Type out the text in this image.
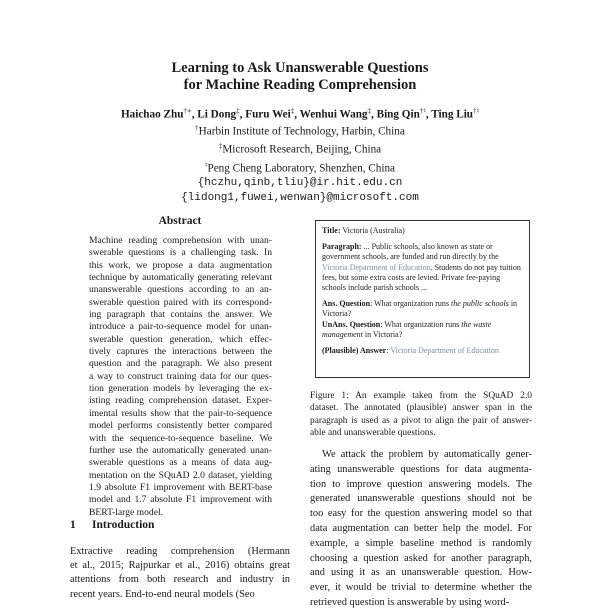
Learning to Ask Unanswerable Questions
for Machine Reading Comprehension
Haichao Zhu†∗, Li Dong‡, Furu Wei‡, Wenhui Wang‡, Bing Qin†♮, Ting Liu†♮
†Harbin Institute of Technology, Harbin, China
‡Microsoft Research, Beijing, China
♮Peng Cheng Laboratory, Shenzhen, China
{hczhu,qinb,tliu}@ir.hit.edu.cn
{lidong1,fuwei,wenwan}@microsoft.com
Abstract
Machine reading comprehension with unan-
swerable questions is a challenging task. In
this work, we propose a data augmentation
technique by automatically generating relevant
unanswerable questions according to an an-
swerable question paired with its correspond-
ing paragraph that contains the answer. We
introduce a pair-to-sequence model for unan-
swerable question generation, which effec-
tively captures the interactions between the
question and the paragraph. We also present
a way to construct training data for our ques-
tion generation models by leveraging the ex-
isting reading comprehension dataset. Exper-
imental results show that the pair-to-sequence
model performs consistently better compared
with the sequence-to-sequence baseline. We
further use the automatically generated unan-
swerable questions as a means of data aug-
mentation on the SQuAD 2.0 dataset, yielding
1.9 absolute F1 improvement with BERT-base
model and 1.7 absolute F1 improvement with
BERT-large model.
1 Introduction
Extractive reading comprehension (Hermann
et al., 2015; Rajpurkar et al., 2016) obtains great
attentions from both research and industry in
recent years. End-to-end neural models (Seo

Title: Victoria (Australia)

Paragraph: ... Public schools, also known as state or government schools, are funded and run directly by the Victoria Department of Education. Students do not pay tuition fees, but some extra costs are levied. Private fee-paying schools include parish schools ...

Ans. Question: What organization runs the public schools in Victoria?

UnAns. Question: What organization runs the waste management in Victoria?

(Plausible) Answer: Victoria Department of Education

Figure 1: An example taken from the SQuAD 2.0
dataset. The annotated (plausible) answer span in the
paragraph is used as a pivot to align the pair of answer-
able and unanswerable questions.
We attack the problem by automatically gener-
ating unanswerable questions for data augmenta-
tion to improve question answering models. The
generated unanswerable questions should not be
too easy for the question answering model so that
data augmentation can better help the model. For
example, a simple baseline method is randomly
choosing a question asked for another paragraph,
and using it as an unanswerable question. How-
ever, it would be trivial to determine whether the
retrieved question is answerable by using word-
